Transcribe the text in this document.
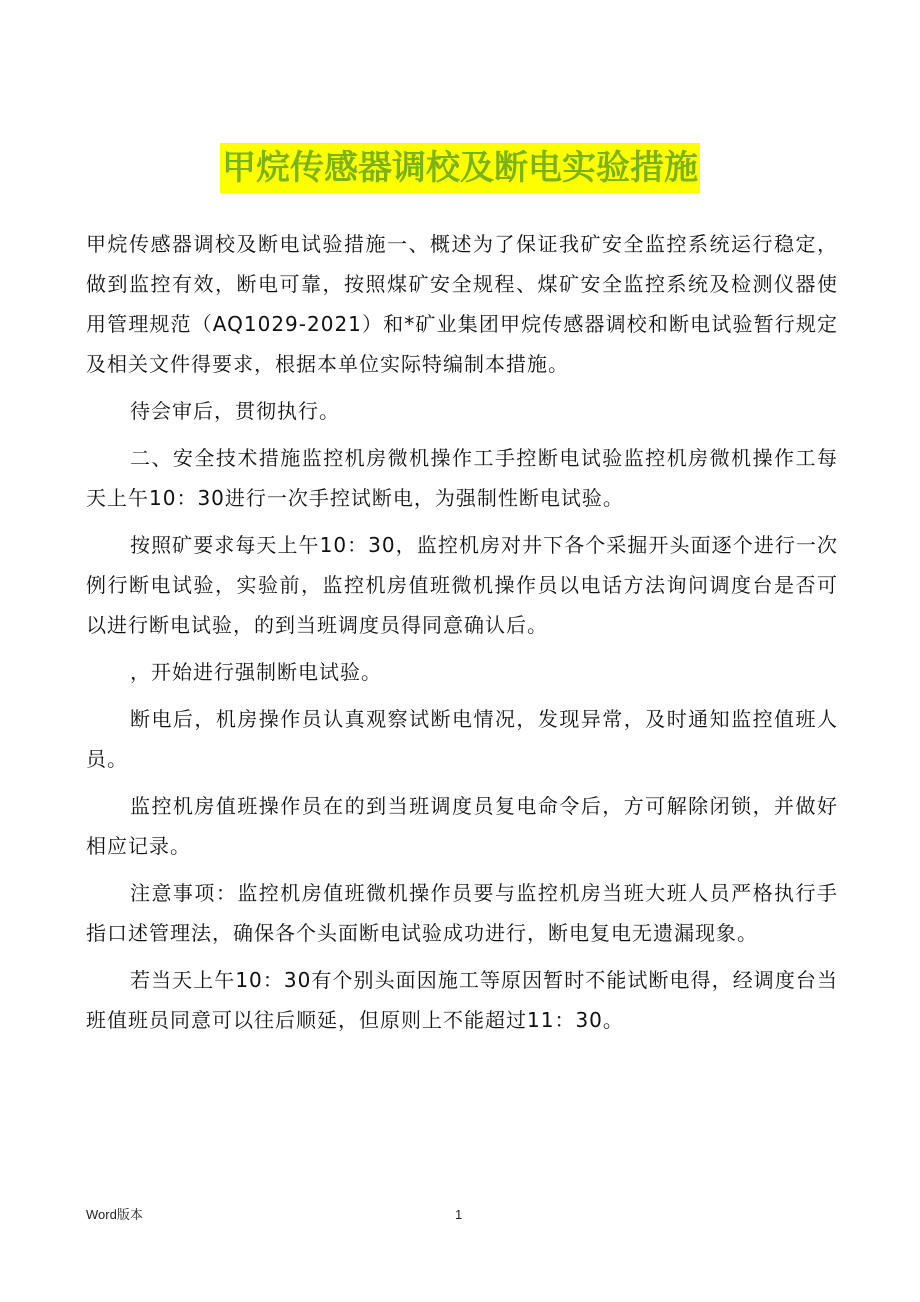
甲烷传感器调校及断电实验措施

甲烷传感器调校及断电试验措施一、概述为了保证我矿安全监控系统运行稳定，做到监控有效，断电可靠，按照煤矿安全规程、煤矿安全监控系统及检测仪器使用管理规范（AQ1029-2021）和*矿业集团甲烷传感器调校和断电试验暂行规定及相关文件得要求，根据本单位实际特编制本措施。

待会审后，贯彻执行。

二、安全技术措施监控机房微机操作工手控断电试验监控机房微机操作工每天上午10：30进行一次手控试断电，为强制性断电试验。

按照矿要求每天上午10：30，监控机房对井下各个采掘开头面逐个进行一次例行断电试验，实验前，监控机房值班微机操作员以电话方法询问调度台是否可以进行断电试验，的到当班调度员得同意确认后。

，开始进行强制断电试验。

断电后，机房操作员认真观察试断电情况，发现异常，及时通知监控值班人员。

监控机房值班操作员在的到当班调度员复电命令后，方可解除闭锁，并做好相应记录。

注意事项：监控机房值班微机操作员要与监控机房当班大班人员严格执行手指口述管理法，确保各个头面断电试验成功进行，断电复电无遗漏现象。

若当天上午10：30有个别头面因施工等原因暂时不能试断电得，经调度台当班值班员同意可以往后顺延，但原则上不能超过11：30。

Word版本	1
